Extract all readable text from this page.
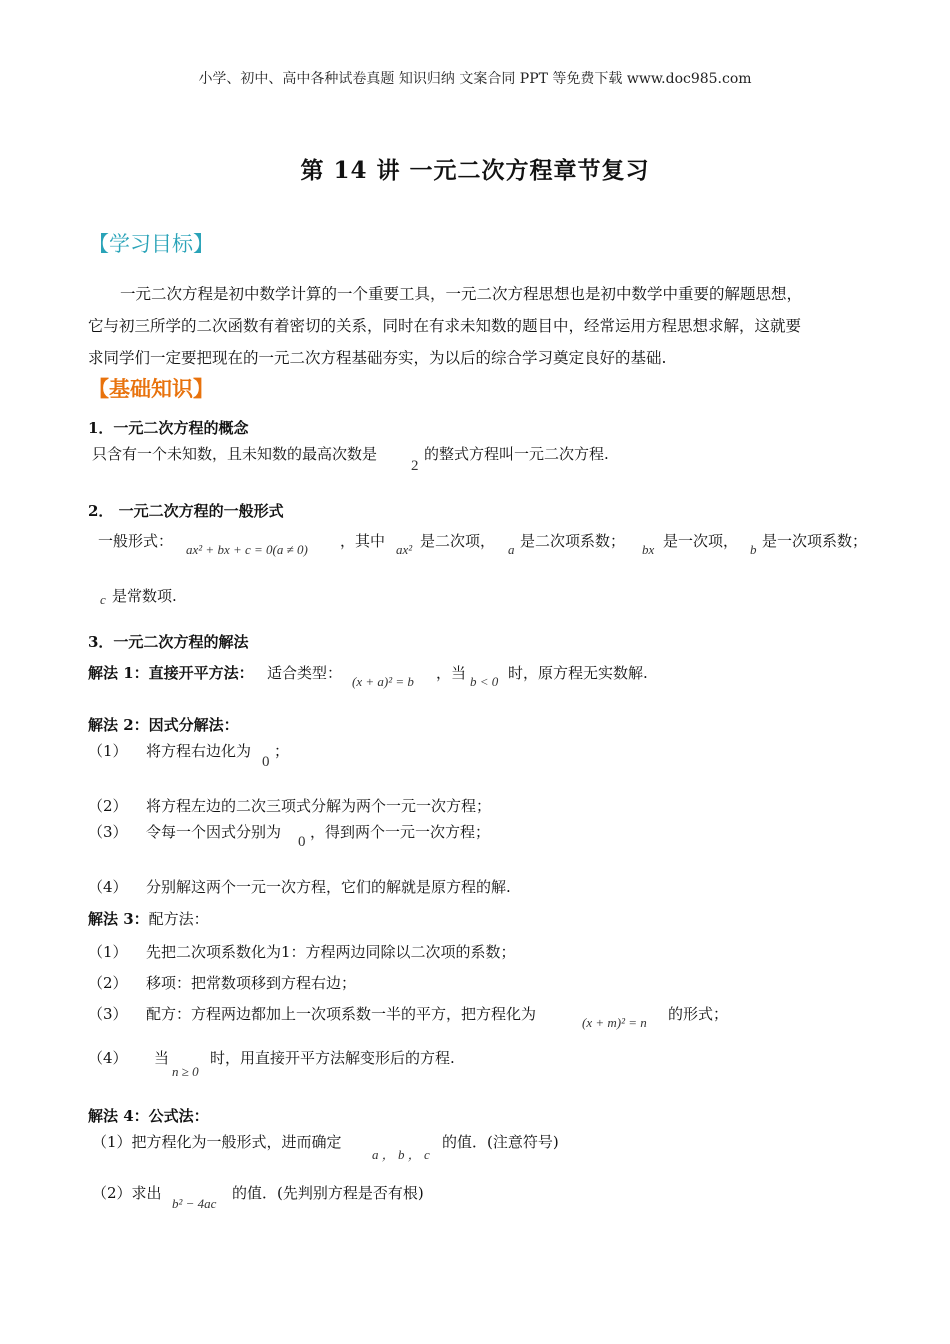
小学、初中、高中各种试卷真题 知识归纳 文案合同 PPT 等免费下载 www.doc985.com
第 14 讲 一元二次方程章节复习
【学习目标】
一元二次方程是初中数学计算的一个重要工具，一元二次方程思想也是初中数学中重要的解题思想，
它与初三所学的二次函数有着密切的关系，同时在有求未知数的题目中，经常运用方程思想求解，这就要
求同学们一定要把现在的一元二次方程基础夯实，为以后的综合学习奠定良好的基础.
【基础知识】
1．一元二次方程的概念
只含有一个未知数，且未知数的最高次数是
2
的整式方程叫一元二次方程.
2． 一元二次方程的一般形式
一般形式： ax² + bx + c = 0(a ≠ 0) ，其中 ax² 是二次项， a 是二次项系数； bx 是一次项， b 是一次项系数；
c 是常数项.
3．一元二次方程的解法
解法 1：直接开平方法： 适合类型： (x + a)² = b ，当 b < 0 时，原方程无实数解.
解法 2：因式分解法：
（1） 将方程右边化为
0
；
（2） 将方程左边的二次三项式分解为两个一元一次方程；
（3） 令每一个因式分别为
0
，得到两个一元一次方程；
（4） 分别解这两个一元一次方程，它们的解就是原方程的解.
解法 3：配方法：
（1） 先把二次项系数化为1：方程两边同除以二次项的系数；
（2） 移项：把常数项移到方程右边；
（3） 配方：方程两边都加上一次项系数一半的平方，把方程化为	(x + m)² = n 的形式；
（4） 当
n ≥ 0
时，用直接开平方法解变形后的方程.
解法 4：公式法：
（1）把方程化为一般形式，进而确定
a ， b ， c
的值．(注意符号)
（2）求出
b² − 4ac
的值．(先判别方程是否有根)
